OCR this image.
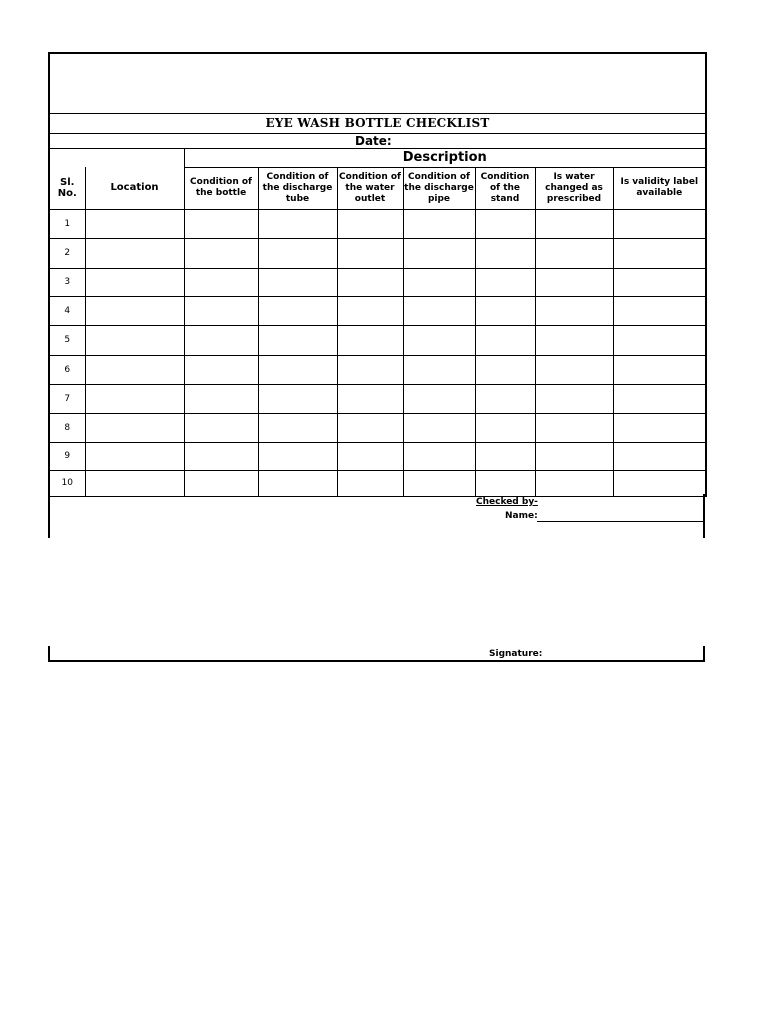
EYE WASH BOTTLE CHECKLIST								
Date:								
		Description						
Sl. No.	Location	Condition of the bottle	Condition of the discharge tube	Condition of the water outlet	Condition of the discharge pipe	Condition of the stand	Is water changed as prescribed	Is validity label available
1								
2								
3								
4								
5								
6								
7								
8								
9								
10								
Checked by-
Name:
Signature:
